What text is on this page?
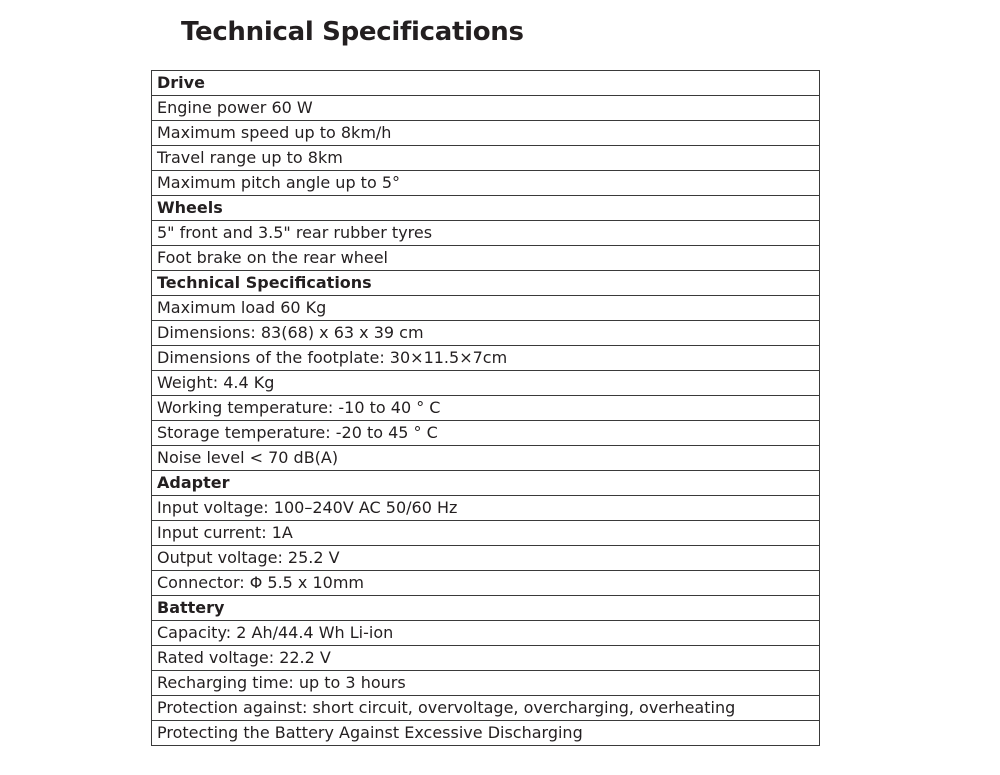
Technical Specifications
Drive
Engine power 60 W
Maximum speed up to 8km/h
Travel range up to 8km
Maximum pitch angle up to 5°
Wheels
5" front and 3.5" rear rubber tyres
Foot brake on the rear wheel
Technical Specifications
Maximum load 60 Kg
Dimensions: 83(68) x 63 x 39 cm
Dimensions of the footplate: 30×11.5×7cm
Weight: 4.4 Kg
Working temperature: -10 to 40 ° C
Storage temperature: -20 to 45 ° C
Noise level < 70 dB(A)
Adapter
Input voltage: 100–240V AC 50/60 Hz
Input current: 1A
Output voltage: 25.2 V
Connector: Φ 5.5 x 10mm
Battery
Capacity: 2 Ah/44.4 Wh Li-ion
Rated voltage: 22.2 V
Recharging time: up to 3 hours
Protection against: short circuit, overvoltage, overcharging, overheating
Protecting the Battery Against Excessive Discharging
